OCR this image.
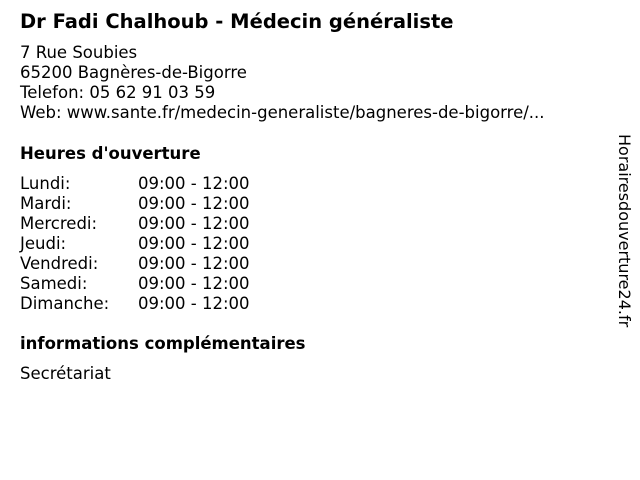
Dr Fadi Chalhoub - Médecin généraliste
7 Rue Soubies
65200 Bagnères-de-Bigorre
Telefon: 05 62 91 03 59
Web: www.sante.fr/medecin-generaliste/bagneres-de-bigorre/...
Heures d'ouverture
Lundi:	09:00 - 12:00
Mardi:	09:00 - 12:00
Mercredi: 09:00 - 12:00
Jeudi:	09:00 - 12:00
Vendredi: 09:00 - 12:00
Samedi:	09:00 - 12:00
Dimanche: 09:00 - 12:00
informations complémentaires
Secrétariat
Horairesdouverture24.fr
